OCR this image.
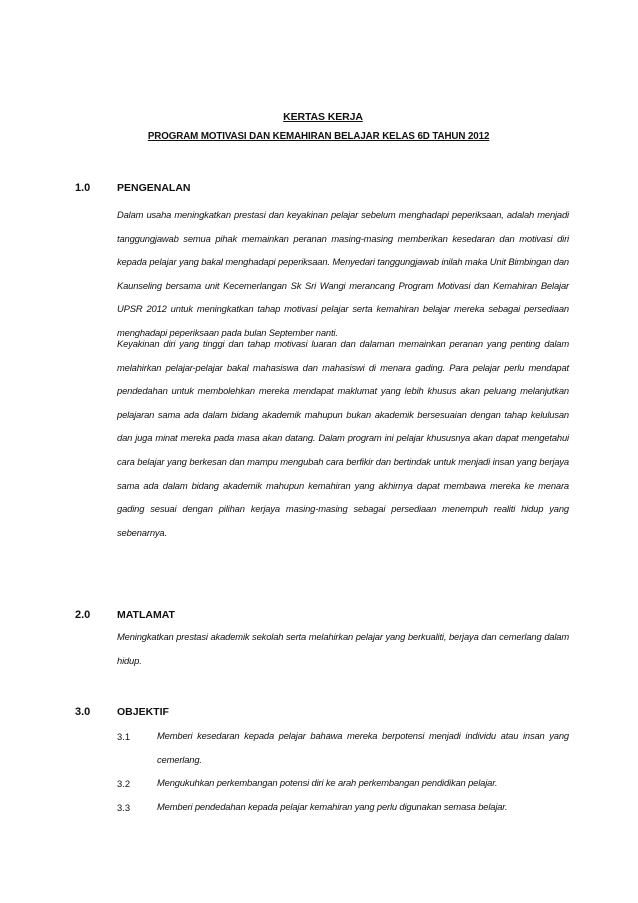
KERTAS KERJA
PROGRAM MOTIVASI DAN KEMAHIRAN BELAJAR KELAS 6D TAHUN 2012
1.0	PENGENALAN
Dalam usaha meningkatkan prestasi dan keyakinan pelajar sebelum menghadapi peperiksaan, adalah menjadi tanggungjawab semua pihak memainkan peranan masing-masing memberikan kesedaran dan motivasi diri kepada pelajar yang bakal menghadapi peperiksaan. Menyedari tanggungjawab inilah maka Unit Bimbingan dan Kaunseling bersama unit Kecemerlangan Sk Sri Wangi merancang Program Motivasi dan Kemahiran Belajar UPSR 2012 untuk meningkatkan tahap motivasi pelajar serta kemahiran belajar mereka sebagai persediaan menghadapi peperiksaan pada bulan September nanti.
Keyakinan diri yang tinggi dan tahap motivasi luaran dan dalaman memainkan peranan yang penting dalam melahirkan pelajar-pelajar bakal mahasiswa dan mahasiswi di menara gading. Para pelajar perlu mendapat pendedahan untuk membolehkan mereka mendapat maklumat yang lebih khusus akan peluang melanjutkan pelajaran sama ada dalam bidang akademik mahupun bukan akademik bersesuaian dengan tahap kelulusan dan juga minat mereka pada masa akan datang. Dalam program ini pelajar khususnya akan dapat mengetahui cara belajar yang berkesan dan mampu mengubah cara berfikir dan bertindak untuk menjadi insan yang berjaya sama ada dalam bidang akademik mahupun kemahiran yang akhirnya dapat membawa mereka ke menara gading sesuai dengan pilihan kerjaya masing-masing sebagai persediaan menempuh realiti hidup yang sebenarnya.
2.0	MATLAMAT
Meningkatkan prestasi akademik sekolah serta melahirkan pelajar yang berkualiti, berjaya dan cemerlang dalam hidup.
3.0	OBJEKTIF
3.1	Memberi kesedaran kepada pelajar bahawa mereka berpotensi menjadi individu atau insan yang cemerlang.
3.2	Mengukuhkan perkembangan potensi diri ke arah perkembangan pendidikan pelajar.
3.3	Memberi pendedahan kepada pelajar kemahiran yang perlu digunakan semasa belajar.
